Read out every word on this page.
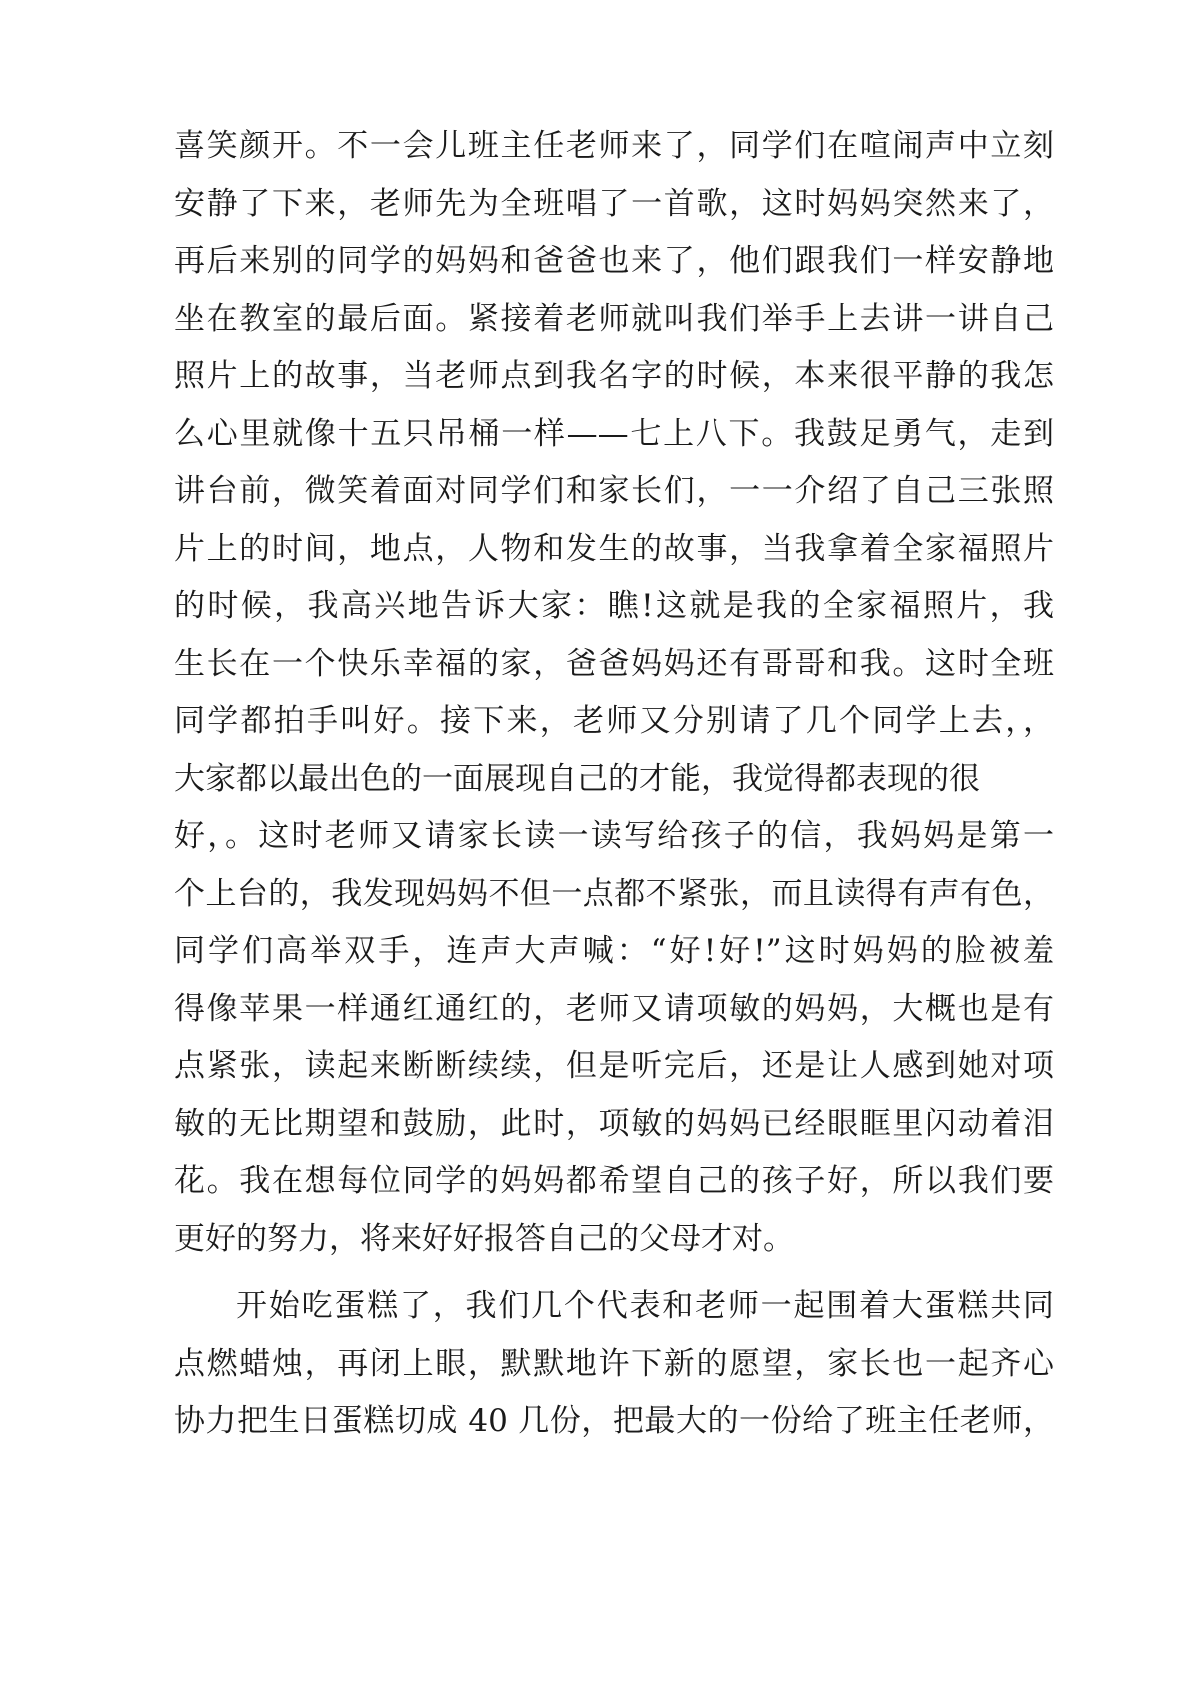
喜笑颜开。不一会儿班主任老师来了，同学们在喧闹声中立刻
安静了下来，老师先为全班唱了一首歌，这时妈妈突然来了，
再后来别的同学的妈妈和爸爸也来了，他们跟我们一样安静地
坐在教室的最后面。紧接着老师就叫我们举手上去讲一讲自己
照片上的故事，当老师点到我名字的时候，本来很平静的我怎
么心里就像十五只吊桶一样——七上八下。我鼓足勇气，走到
讲台前，微笑着面对同学们和家长们，一一介绍了自己三张照
片上的时间，地点，人物和发生的故事，当我拿着全家福照片
的时候，我高兴地告诉大家：瞧!这就是我的全家福照片，我
生长在一个快乐幸福的家，爸爸妈妈还有哥哥和我。这时全班
同学都拍手叫好。接下来，老师又分别请了几个同学上去，，
大家都以最出色的一面展现自己的才能，我觉得都表现的很
好，。这时老师又请家长读一读写给孩子的信，我妈妈是第一
个上台的，我发现妈妈不但一点都不紧张，而且读得有声有色，
同学们高举双手，连声大声喊：“好!好!”这时妈妈的脸被羞
得像苹果一样通红通红的，老师又请项敏的妈妈，大概也是有
点紧张，读起来断断续续，但是听完后，还是让人感到她对项
敏的无比期望和鼓励，此时，项敏的妈妈已经眼眶里闪动着泪
花。我在想每位同学的妈妈都希望自己的孩子好，所以我们要
更好的努力，将来好好报答自己的父母才对。
开始吃蛋糕了，我们几个代表和老师一起围着大蛋糕共同
点燃蜡烛，再闭上眼，默默地许下新的愿望，家长也一起齐心
协力把生日蛋糕切成 40 几份，把最大的一份给了班主任老师，
